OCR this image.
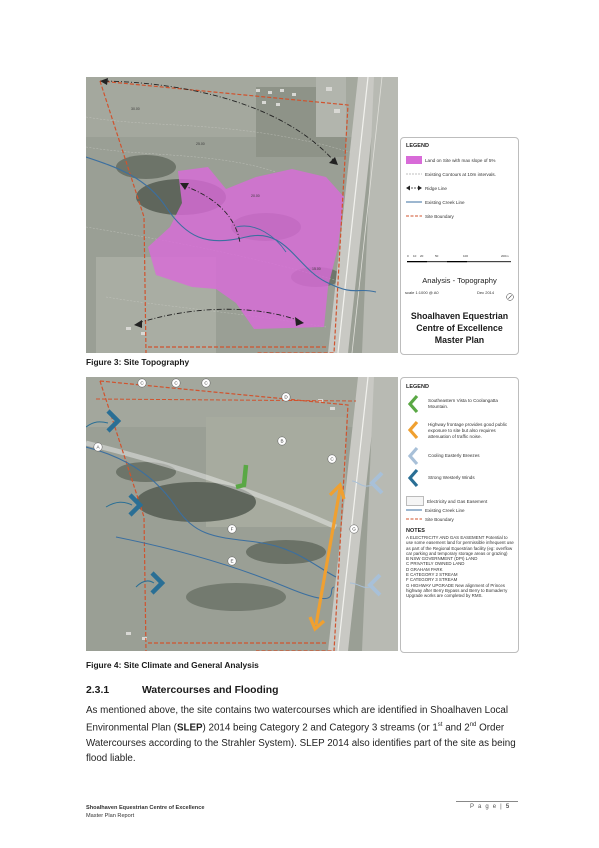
30.00
25.00
20.00
15.00
LEGEND
Land on Site with max slope of 5%
Existing Contours at 10m intervals.
Ridge Line
Existing Creek Line
Site Boundary
0 10 20	50	100	200m
Analysis - Topography
scale 1:1000 @ A0	Dec 2014
Shoalhaven Equestrian Centre of Excellence Master Plan
Figure 3: Site Topography
C	C	C
D
B
C
A
F
E
G
LEGEND
Southeastern Vista to Coolangatta Mountain.
Highway frontage provides good public exposure to site but also requires attenuation of traffic noise.
Cooling Easterly Breezes
Strong Westerly Winds
Electricity and Gas Easement
Existing Creek Line
Site Boundary
NOTES
A ELECTRICITY AND GAS EASEMENT Potential to use some easement land for permissible infrequent use as part of the Regional Equestrian facility (eg: overflow car parking and temporary storage areas or grazing)
B NSW GOVERNMENT (DPI) LAND
C PRIVATELY OWNED LAND
D GRAHAM PARK
E CATEGORY 2 STREAM
F CATEGORY 3 STREAM
G HIGHWAY UPGRADE New alignment of Princes highway after Berry Bypass and Berry to Bomaderry Upgrade works are completed by RMS.
Figure 4: Site Climate and General Analysis
2.3.1	Watercourses and Flooding
As mentioned above, the site contains two watercourses which are identified in Shoalhaven Local Environmental Plan (SLEP) 2014 being Category 2 and Category 3 streams (or 1st and 2nd Order Watercourses according to the Strahler System). SLEP 2014 also identifies part of the site as being flood liable.
Shoalhaven Equestrian Centre of Excellence
Master Plan Report
P a g e | 5
